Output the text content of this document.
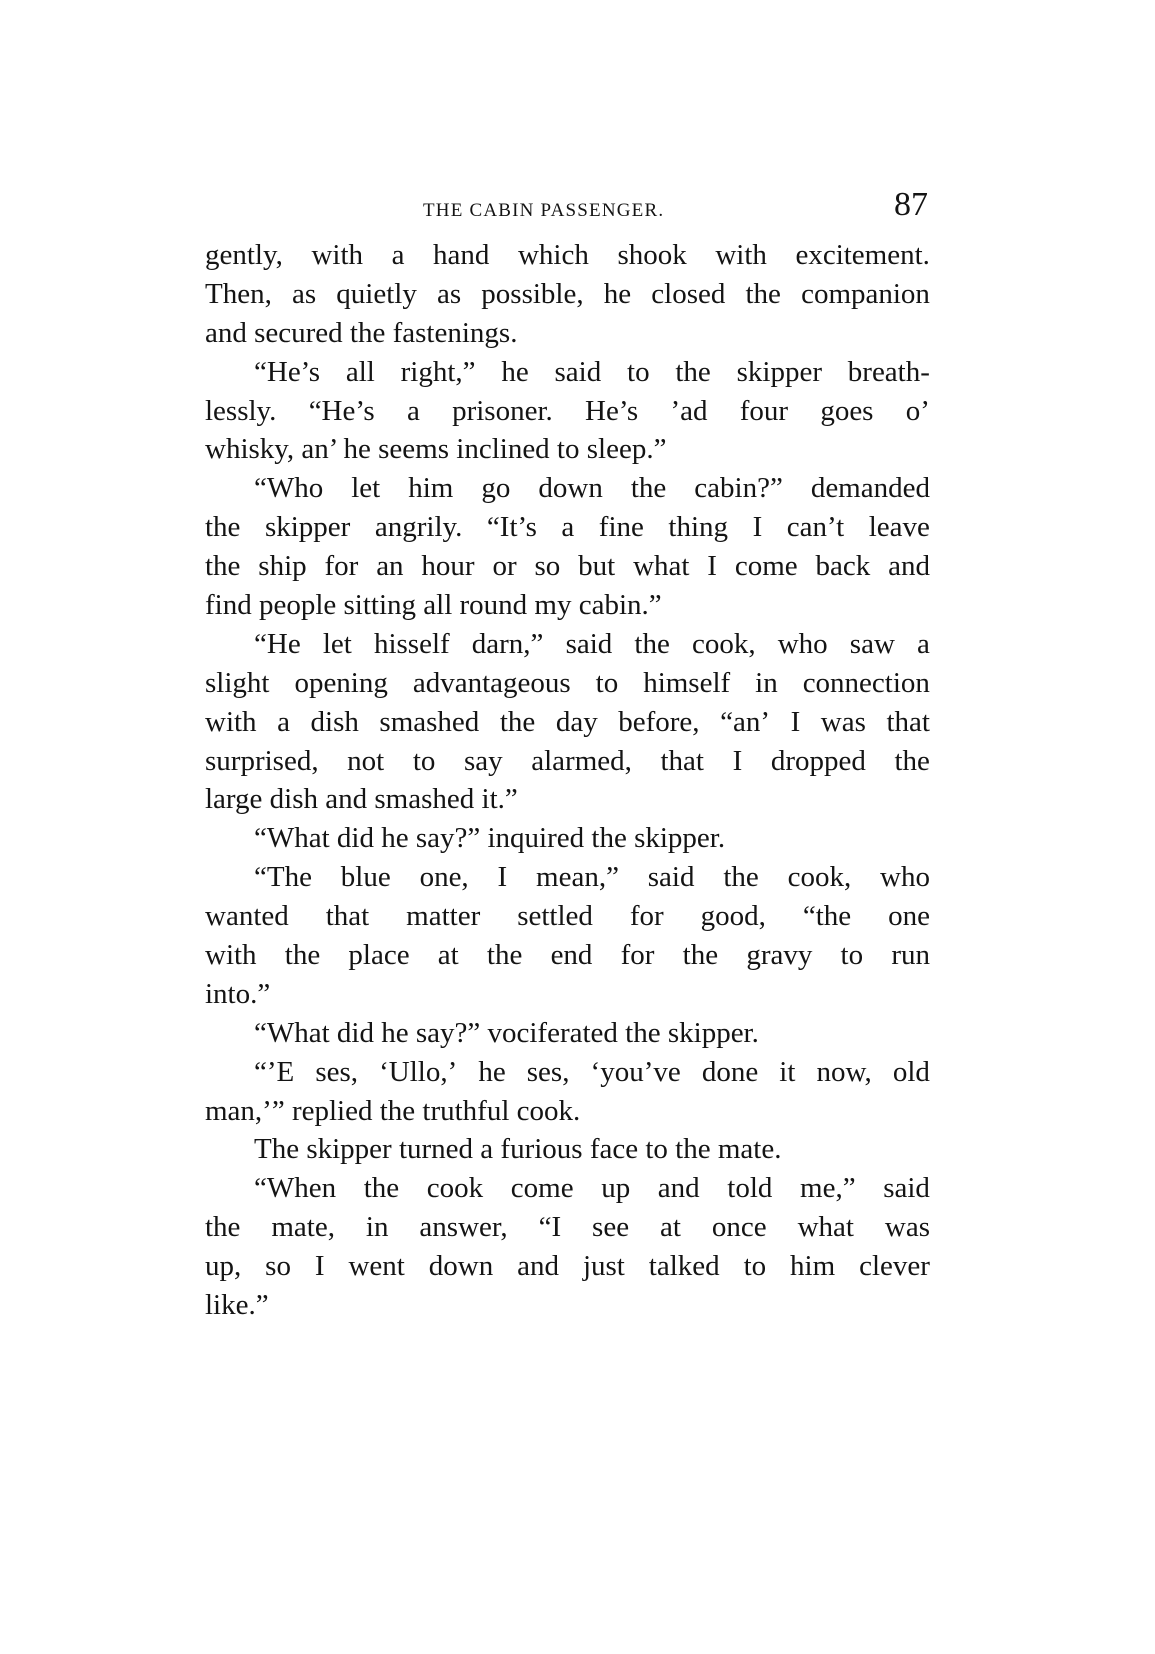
THE CABIN PASSENGER.	87
gently, with a hand which shook with excitement.
Then, as quietly as possible, he closed the companion
and secured the fastenings.
“He’s all right,” he said to the skipper breath-
lessly. “He’s a prisoner. He’s ’ad four goes o’
whisky, an’ he seems inclined to sleep.”
“Who let him go down the cabin?” demanded
the skipper angrily. “It’s a fine thing I can’t leave
the ship for an hour or so but what I come back and
find people sitting all round my cabin.”
“He let hisself darn,” said the cook, who saw a
slight opening advantageous to himself in connection
with a dish smashed the day before, “an’ I was that
surprised, not to say alarmed, that I dropped the
large dish and smashed it.”
“What did he say?” inquired the skipper.
“The blue one, I mean,” said the cook, who
wanted that matter settled for good, “the one
with the place at the end for the gravy to run
into.”
“What did he say?” vociferated the skipper.
“’E ses, ‘Ullo,’ he ses, ‘you’ve done it now, old
man,’” replied the truthful cook.
The skipper turned a furious face to the mate.
“When the cook come up and told me,” said
the mate, in answer, “I see at once what was
up, so I went down and just talked to him clever
like.”
